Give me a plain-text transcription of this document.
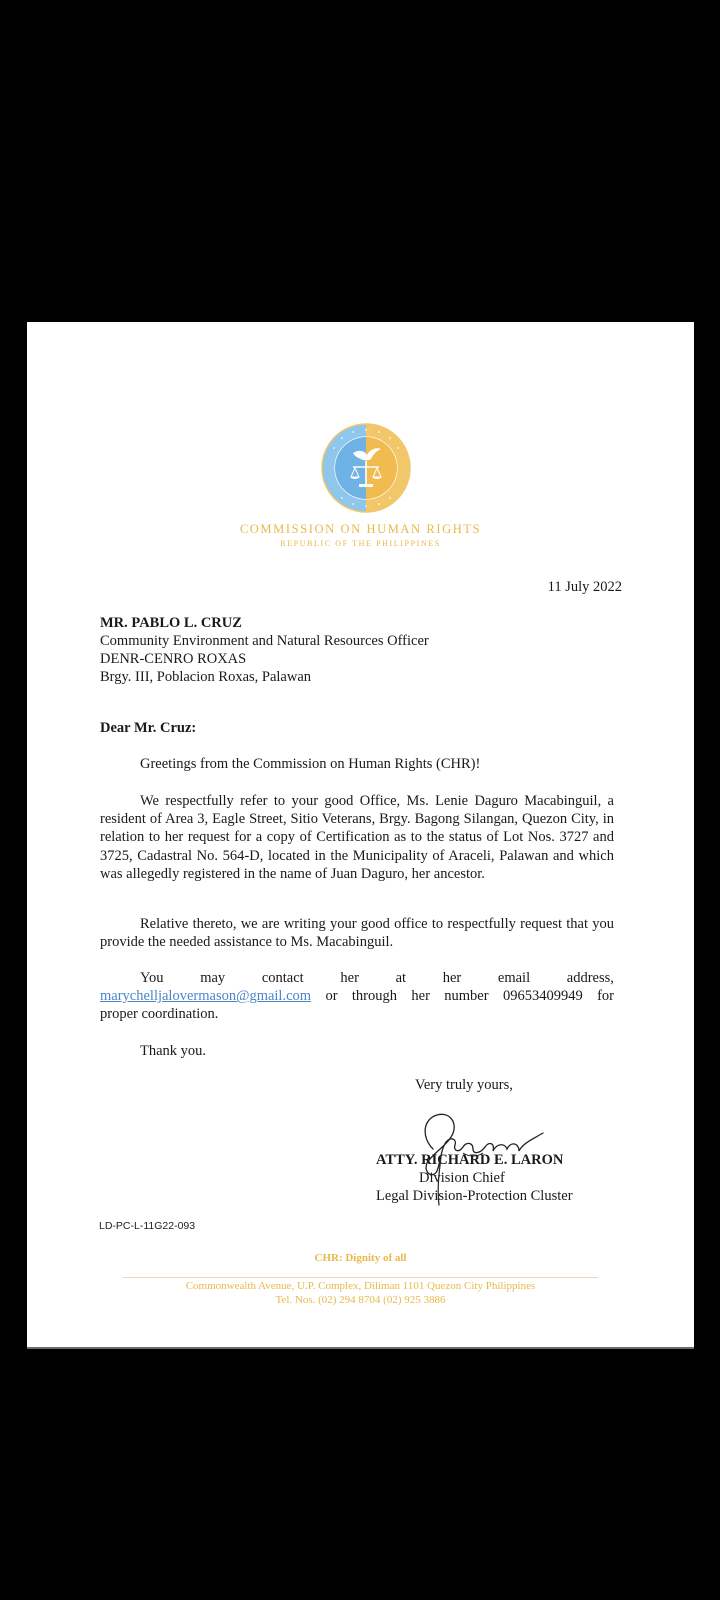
COMMISSION ON HUMAN RIGHTS
REPUBLIC OF THE PHILIPPINES
11 July 2022
MR. PABLO L. CRUZ
Community Environment and Natural Resources Officer
DENR-CENRO ROXAS
Brgy. III, Poblacion Roxas, Palawan
Dear Mr. Cruz:

Greetings from the Commission on Human Rights (CHR)!

We respectfully refer to your good Office, Ms. Lenie Daguro Macabinguil, a resident of Area 3, Eagle Street, Sitio Veterans, Brgy. Bagong Silangan, Quezon City, in relation to her request for a copy of Certification as to the status of Lot Nos. 3727 and 3725, Cadastral No. 564-D, located in the Municipality of Araceli, Palawan and which was allegedly registered in the name of Juan Daguro, her ancestor.

Relative thereto, we are writing your good office to respectfully request that you provide the needed assistance to Ms. Macabinguil.

You	may	contact	her	at	her	email	address,
marychelljalovermason@gmail.com or through her number 09653409949 for
proper coordination.

Thank you.

Very truly yours,
ATTY. RICHARD E. LARON
Division Chief
Legal Division-Protection Cluster
LD-PC-L-11G22-093
CHR: Dignity of all
Commonwealth Avenue, U.P. Complex, Diliman 1101 Quezon City Philippines
Tel. Nos. (02) 294 8704 (02) 925 3886
